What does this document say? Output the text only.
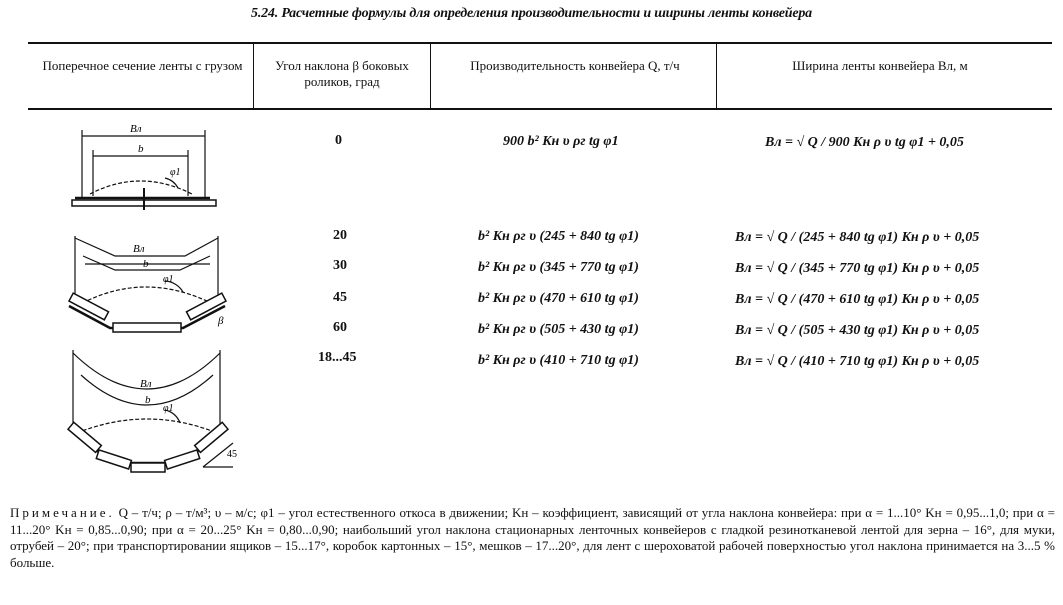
5.24. Расчетные формулы для определения производительности и ширины ленты конвейера
Поперечное сечение ленты с грузом	Угол наклона β боковых роликов, град
Производительность конвейера Q, т/ч	Ширина ленты конвейера Bл, м
0
20
30
45
60
18...45
900 b² Kн υ ρг tg φ1
b² Kн ρг υ (245 + 840 tg φ1)
b² Kн ρг υ (345 + 770 tg φ1)
b² Kн ρг υ (470 + 610 tg φ1)
b² Kн ρг υ (505 + 430 tg φ1)
b² Kн ρг υ (410 + 710 tg φ1)
Bл = √ Q / 900 Kн ρ υ tg φ1 + 0,05
Bл = √ Q / (245 + 840 tg φ1) Kн ρ υ + 0,05
Bл = √ Q / (345 + 770 tg φ1) Kн ρ υ + 0,05
Bл = √ Q / (470 + 610 tg φ1) Kн ρ υ + 0,05
Bл = √ Q / (505 + 430 tg φ1) Kн ρ υ + 0,05
Bл = √ Q / (410 + 710 tg φ1) Kн ρ υ + 0,05
Bл
b
φ1
Bл
b
φ1
β
Bл
b
φ1
45
Примечание. Q – т/ч; ρ – т/м³; υ – м/с; φ1 – угол естественного откоса в движении; Kн – коэффициент, зависящий от угла наклона конвейера: при α = 1...10° Kн = 0,95...1,0; при α = 11...20° Kн = 0,85...0,90; при α = 20...25° Kн = 0,80...0,90; наибольший угол наклона стационарных ленточных конвейеров с гладкой резинотканевой лентой для зерна – 16°, для муки, отрубей – 20°; при транспортировании ящиков – 15...17°, коробок картонных – 15°, мешков – 17...20°, для лент с шероховатой рабочей поверхностью угол наклона принимается на 3...5 % больше.
